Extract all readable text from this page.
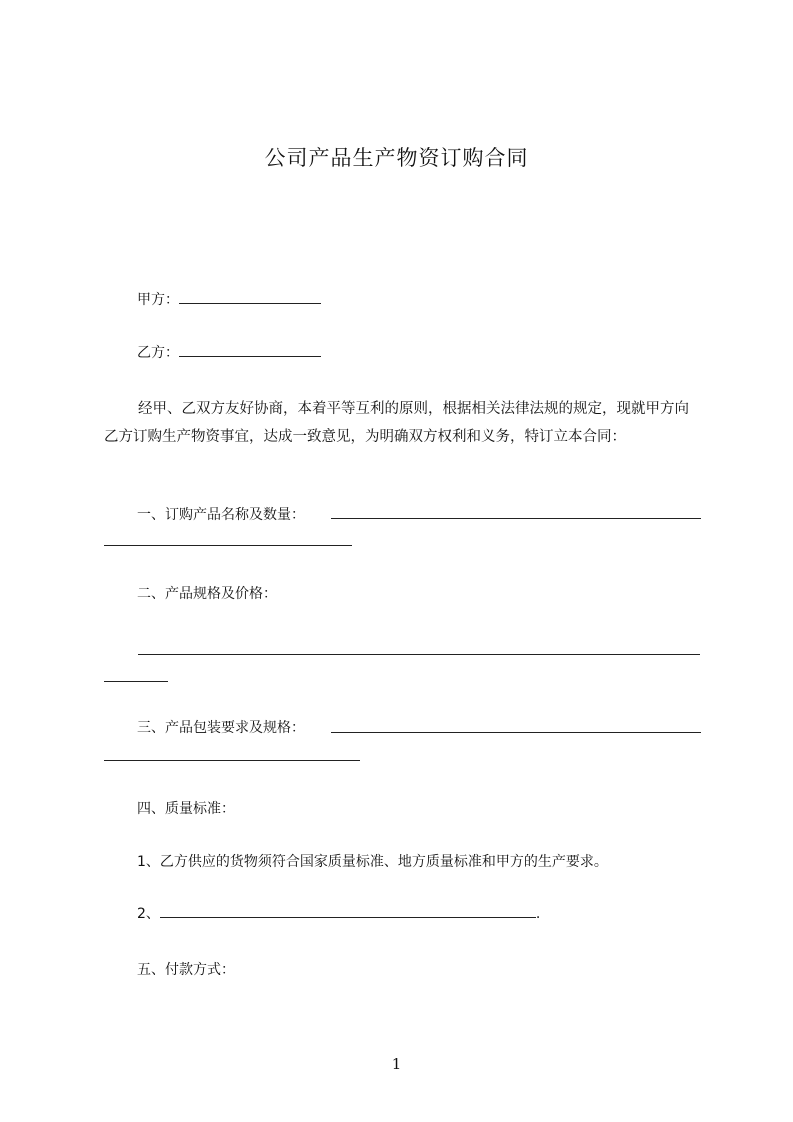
公司产品生产物资订购合同
甲方：
乙方：
经甲、乙双方友好协商，本着平等互利的原则，根据相关法律法规的规定，现就甲方向乙方订购生产物资事宜，达成一致意见，为明确双方权利和义务，特订立本合同：
一、订购产品名称及数量：
二、产品规格及价格：
三、产品包装要求及规格：
四、质量标准：
1、乙方供应的货物须符合国家质量标准、地方质量标准和甲方的生产要求。
2、	.
五、付款方式：
1
